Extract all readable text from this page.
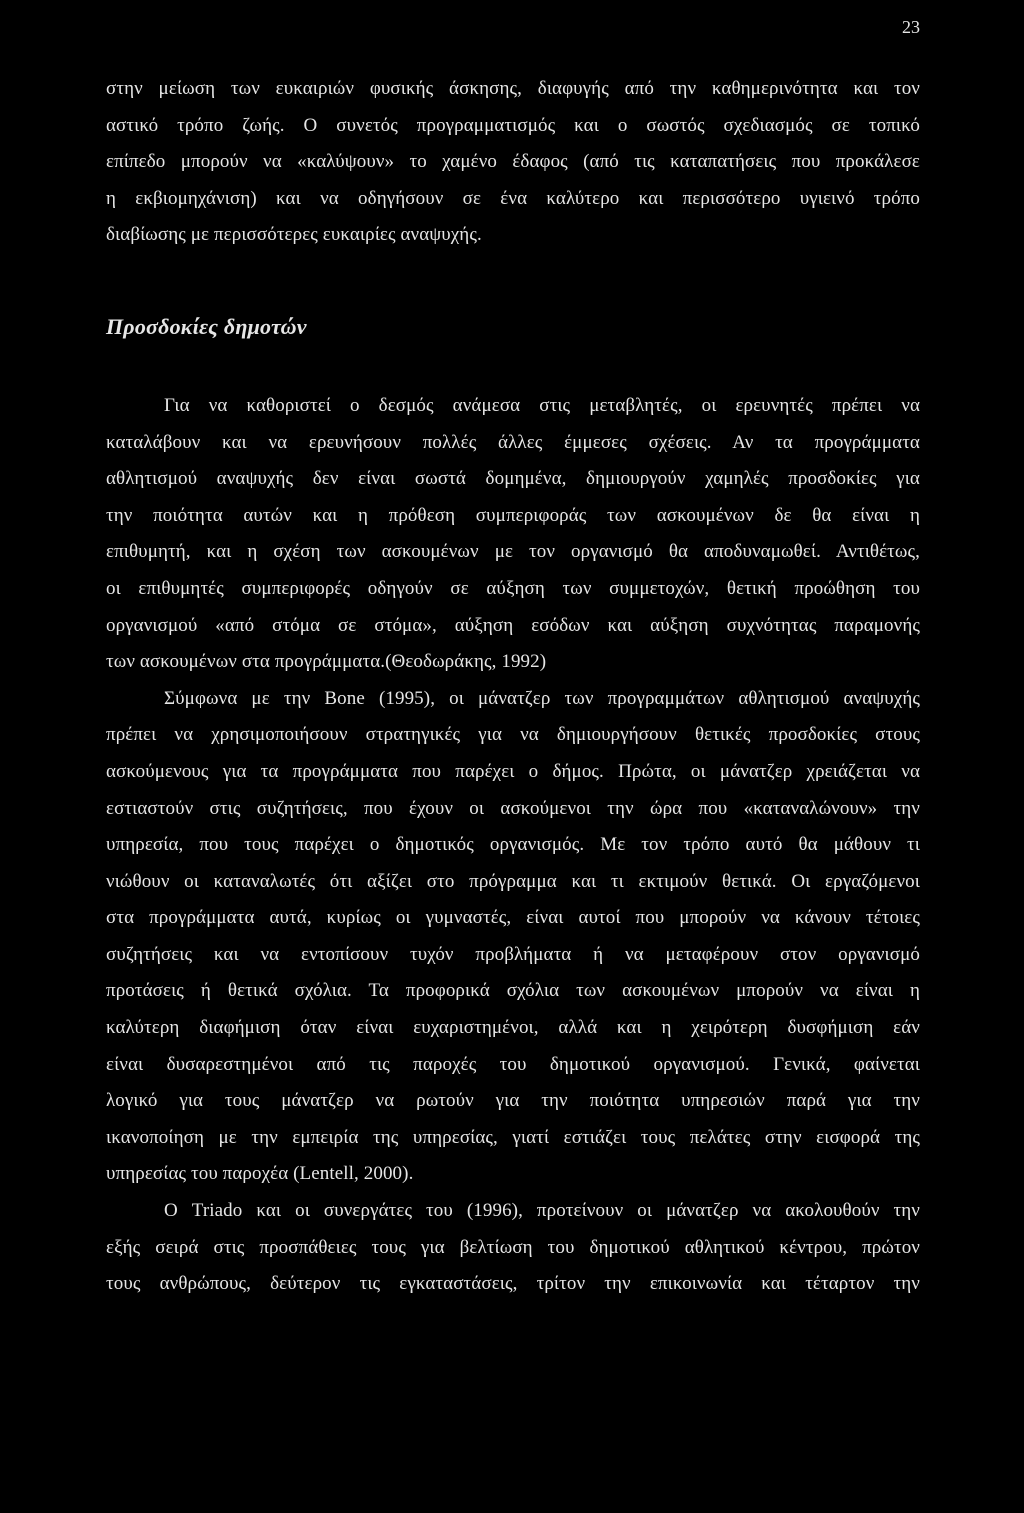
23

στην μείωση των ευκαιριών φυσικής άσκησης, διαφυγής από την καθημερινότητα και τον
αστικό τρόπο ζωής. Ο συνετός προγραμματισμός και ο σωστός σχεδιασμός σε τοπικό
επίπεδο μπορούν να «καλύψουν» το χαμένο έδαφος (από τις καταπατήσεις που προκάλεσε
η εκβιομηχάνιση) και να οδηγήσουν σε ένα καλύτερο και περισσότερο υγιεινό τρόπο
διαβίωσης με περισσότερες ευκαιρίες αναψυχής.

Προσδοκίες δημοτών

Για να καθοριστεί ο δεσμός ανάμεσα στις μεταβλητές, οι ερευνητές πρέπει να
καταλάβουν και να ερευνήσουν πολλές άλλες έμμεσες σχέσεις. Αν τα προγράμματα
αθλητισμού αναψυχής δεν είναι σωστά δομημένα, δημιουργούν χαμηλές προσδοκίες για
την ποιότητα αυτών και η πρόθεση συμπεριφοράς των ασκουμένων δε θα είναι η
επιθυμητή, και η σχέση των ασκουμένων με τον οργανισμό θα αποδυναμωθεί. Αντιθέτως,
οι επιθυμητές συμπεριφορές οδηγούν σε αύξηση των συμμετοχών, θετική προώθηση του
οργανισμού «από στόμα σε στόμα», αύξηση εσόδων και αύξηση συχνότητας παραμονής
των ασκουμένων στα προγράμματα.(Θεοδωράκης, 1992)

Σύμφωνα με την Bone (1995), οι μάνατζερ των προγραμμάτων αθλητισμού αναψυχής
πρέπει να χρησιμοποιήσουν στρατηγικές για να δημιουργήσουν θετικές προσδοκίες στους
ασκούμενους για τα προγράμματα που παρέχει ο δήμος. Πρώτα, οι μάνατζερ χρειάζεται να
εστιαστούν στις συζητήσεις, που έχουν οι ασκούμενοι την ώρα που «καταναλώνουν» την
υπηρεσία, που τους παρέχει ο δημοτικός οργανισμός. Με τον τρόπο αυτό θα μάθουν τι
νιώθουν οι καταναλωτές ότι αξίζει στο πρόγραμμα και τι εκτιμούν θετικά. Οι εργαζόμενοι
στα προγράμματα αυτά, κυρίως οι γυμναστές, είναι αυτοί που μπορούν να κάνουν τέτοιες
συζητήσεις και να εντοπίσουν τυχόν προβλήματα ή να μεταφέρουν στον οργανισμό
προτάσεις ή θετικά σχόλια. Τα προφορικά σχόλια των ασκουμένων μπορούν να είναι η
καλύτερη διαφήμιση όταν είναι ευχαριστημένοι, αλλά και η χειρότερη δυσφήμιση εάν
είναι δυσαρεστημένοι από τις παροχές του δημοτικού οργανισμού. Γενικά, φαίνεται
λογικό για τους μάνατζερ να ρωτούν για την ποιότητα υπηρεσιών παρά για την
ικανοποίηση με την εμπειρία της υπηρεσίας, γιατί εστιάζει τους πελάτες στην εισφορά της
υπηρεσίας του παροχέα (Lentell, 2000).

Ο Triado και οι συνεργάτες του (1996), προτείνουν οι μάνατζερ να ακολουθούν την
εξής σειρά στις προσπάθειες τους για βελτίωση του δημοτικού αθλητικού κέντρου, πρώτον
τους ανθρώπους, δεύτερον τις εγκαταστάσεις, τρίτον την επικοινωνία και τέταρτον την
